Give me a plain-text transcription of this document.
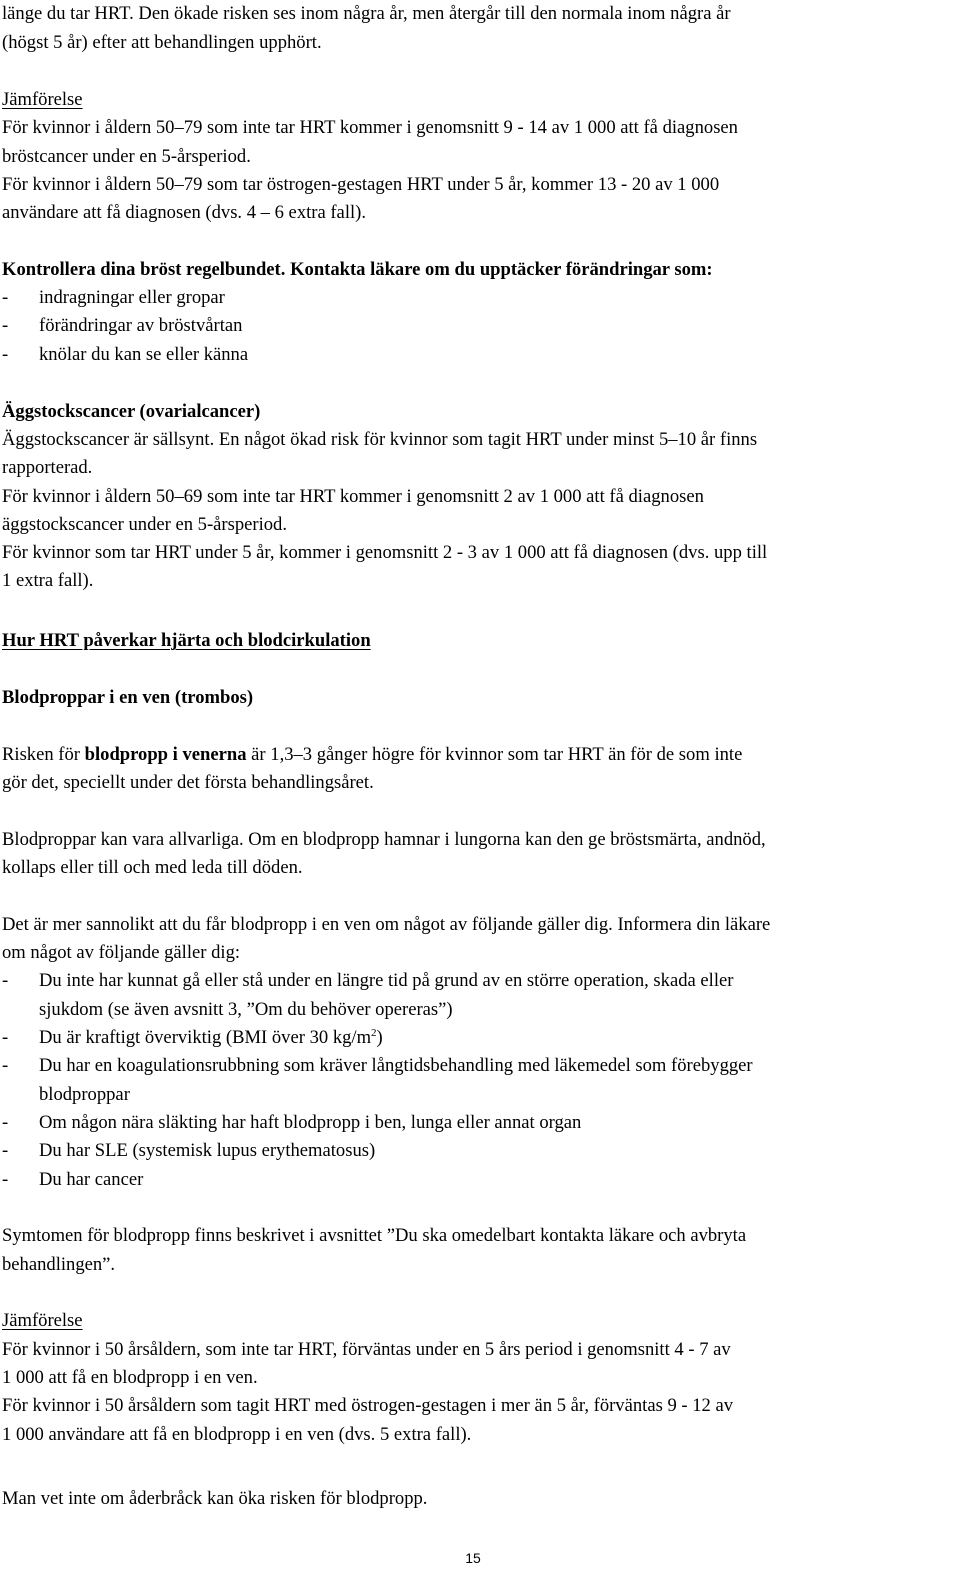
länge du tar HRT. Den ökade risken ses inom några år, men återgår till den normala inom några år

(högst 5 år) efter att behandlingen upphört.

Jämförelse

För kvinnor i åldern 50–79 som inte tar HRT kommer i genomsnitt 9 - 14 av 1 000 att få diagnosen

bröstcancer under en 5-årsperiod.

För kvinnor i åldern 50–79 som tar östrogen-gestagen HRT under 5 år, kommer 13 - 20 av 1 000

användare att få diagnosen (dvs. 4 – 6 extra fall).

Kontrollera dina bröst regelbundet. Kontakta läkare om du upptäcker förändringar som:

- indragningar eller gropar

- förändringar av bröstvårtan

- knölar du kan se eller känna

Äggstockscancer (ovarialcancer)

Äggstockscancer är sällsynt. En något ökad risk för kvinnor som tagit HRT under minst 5–10 år finns

rapporterad.

För kvinnor i åldern 50–69 som inte tar HRT kommer i genomsnitt 2 av 1 000 att få diagnosen

äggstockscancer under en 5-årsperiod.

För kvinnor som tar HRT under 5 år, kommer i genomsnitt 2 - 3 av 1 000 att få diagnosen (dvs. upp till

1 extra fall).

Hur HRT påverkar hjärta och blodcirkulation

Blodproppar i en ven (trombos)

Risken för blodpropp i venerna är 1,3–3 gånger högre för kvinnor som tar HRT än för de som inte

gör det, speciellt under det första behandlingsåret.

Blodproppar kan vara allvarliga. Om en blodpropp hamnar i lungorna kan den ge bröstsmärta, andnöd,

kollaps eller till och med leda till döden.

Det är mer sannolikt att du får blodpropp i en ven om något av följande gäller dig. Informera din läkare

om något av följande gäller dig:

- Du inte har kunnat gå eller stå under en längre tid på grund av en större operation, skada eller

sjukdom (se även avsnitt 3, ”Om du behöver opereras”)

- Du är kraftigt överviktig (BMI över 30 $kg/m^2$)

- Du har en koagulationsrubbning som kräver långtidsbehandling med läkemedel som förebygger

blodproppar

- Om någon nära släkting har haft blodpropp i ben, lunga eller annat organ

- Du har SLE (systemisk lupus erythematosus)

- Du har cancer

Symtomen för blodpropp finns beskrivet i avsnittet ”Du ska omedelbart kontakta läkare och avbryta

behandlingen”.

Jämförelse

För kvinnor i 50 årsåldern, som inte tar HRT, förväntas under en 5 års period i genomsnitt 4 - 7 av

1 000 att få en blodpropp i en ven.

För kvinnor i 50 årsåldern som tagit HRT med östrogen-gestagen i mer än 5 år, förväntas 9 - 12 av

1 000 användare att få en blodpropp i en ven (dvs. 5 extra fall).

Man vet inte om åderbråck kan öka risken för blodpropp.

15
